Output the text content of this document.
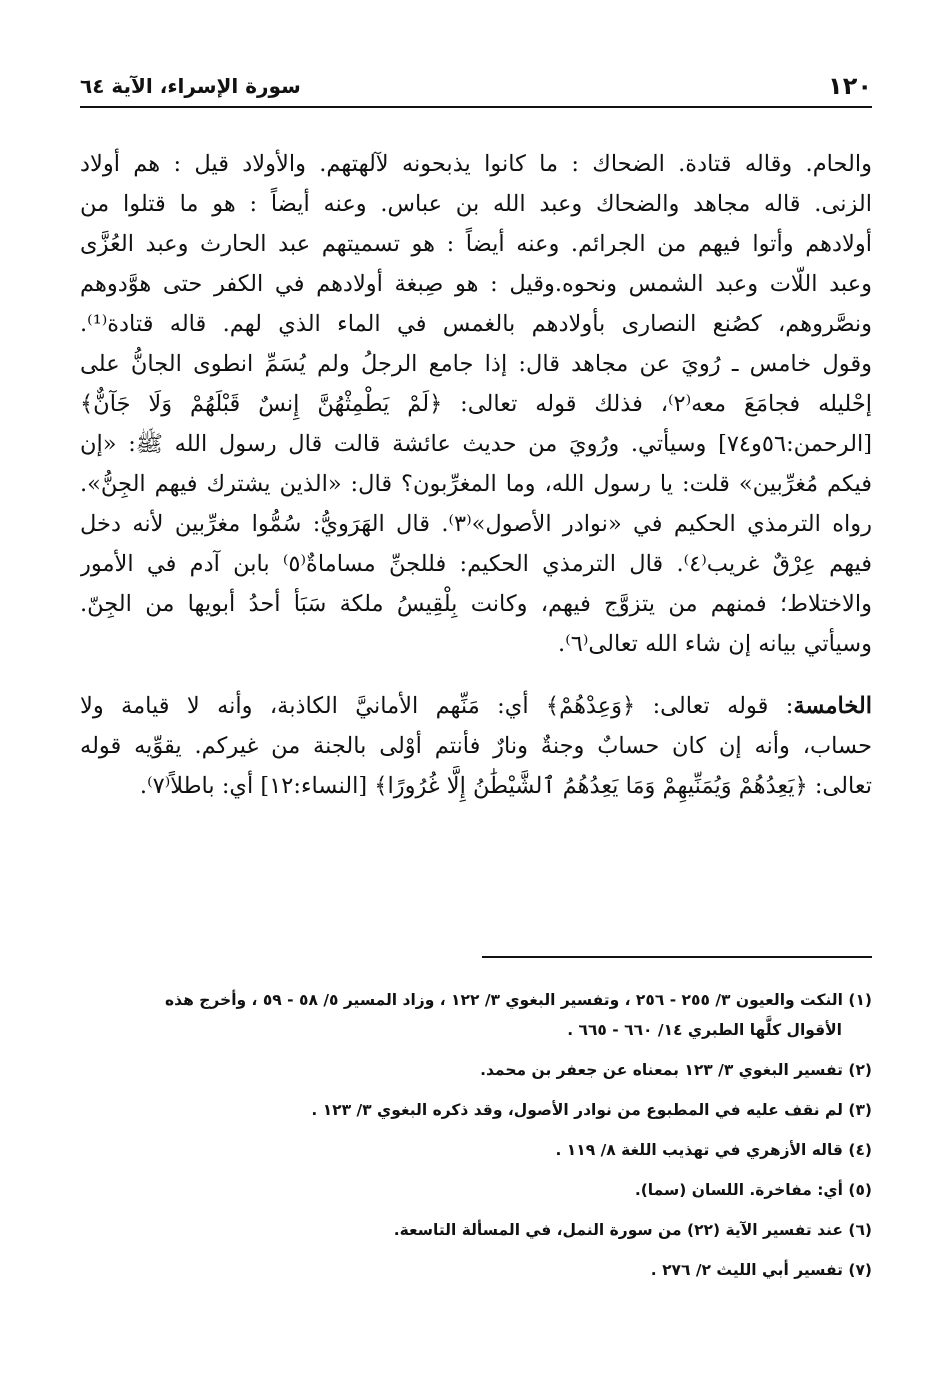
١٢٠
سورة الإسراء، الآية ٦٤
والحام. وقاله قتادة. الضحاك : ما كانوا يذبحونه لآلهتهم. والأولاد قيل : هم أولاد
الزنى. قاله مجاهد والضحاك وعبد الله بن عباس. وعنه أيضاً : هو ما قتلوا من
أولادهم وأتوا فيهم من الجرائم. وعنه أيضاً : هو تسميتهم عبد الحارث وعبد العُزَّى
وعبد اللّات وعبد الشمس ونحوه.وقيل : هو صِبغة أولادهم في الكفر حتى هوَّدوهم
ونصَّروهم، كصُنع النصارى بأولادهم بالغمس في الماء الذي لهم. قاله قتادة⁽¹⁾.
وقول خامس ـ رُويَ عن مجاهد قال: إذا جامع الرجلُ ولم يُسَمِّ انطوى الجانُّ على
إحْليله فجامَعَ معه⁽٢⁾، فذلك قوله تعالى: ﴿لَمْ يَطْمِثْهُنَّ إِنسٌ قَبْلَهُمْ وَلَا جَآنٌّ﴾
[الرحمن:٥٦و٧٤] وسيأتي. ورُويَ من حديث عائشة قالت قال رسول الله ﷺ: «إن
فيكم مُغرِّبين» قلت: يا رسول الله، وما المغرِّبون؟ قال: «الذين يشترك فيهم الجِنُّ».
رواه الترمذي الحكيم في «نوادر الأصول»⁽٣⁾. قال الهَرَويُّ: سُمُّوا مغرِّبين لأنه دخل
فيهم عِرْقٌ غريب⁽٤⁾. قال الترمذي الحكيم: فللجنِّ مساماةٌ⁽٥⁾ بابن آدم في الأمور
والاختلاط؛ فمنهم من يتزوَّج فيهم، وكانت بِلْقِيسُ ملكة سَبَأ أحدُ أبويها من الجِنّ.
وسيأتي بيانه إن شاء الله تعالى⁽٦⁾.
الخامسة: قوله تعالى: ﴿وَعِدْهُمْ﴾ أي: مَنِّهم الأمانيَّ الكاذبة، وأنه لا قيامة ولا
حساب، وأنه إن كان حسابٌ وجنةٌ ونارٌ فأنتم أوْلى بالجنة من غيركم. يقوِّيه قوله
تعالى: ﴿يَعِدُهُمْ وَيُمَنِّيهِمْ وَمَا يَعِدُهُمُ ٱلشَّيْطَٰنُ إِلَّا غُرُورًا﴾ [النساء:١٢] أي: باطلاً⁽٧⁾.
(١) النكت والعيون ٣/ ٢٥٥ - ٢٥٦ ، وتفسير البغوي ٣/ ١٢٢ ، وزاد المسير ٥/ ٥٨ - ٥٩ ، وأخرج هذه
الأقوال كلَّها الطبري ١٤/ ٦٦٠ - ٦٦٥ .
(٢) تفسير البغوي ٣/ ١٢٣ بمعناه عن جعفر بن محمد.
(٣) لم نقف عليه في المطبوع من نوادر الأصول، وقد ذكره البغوي ٣/ ١٢٣ .
(٤) قاله الأزهري في تهذيب اللغة ٨/ ١١٩ .
(٥) أي: مفاخرة. اللسان (سما).
(٦) عند تفسير الآية (٢٢) من سورة النمل، في المسألة التاسعة.
(٧) تفسير أبي الليث ٢/ ٢٧٦ .
